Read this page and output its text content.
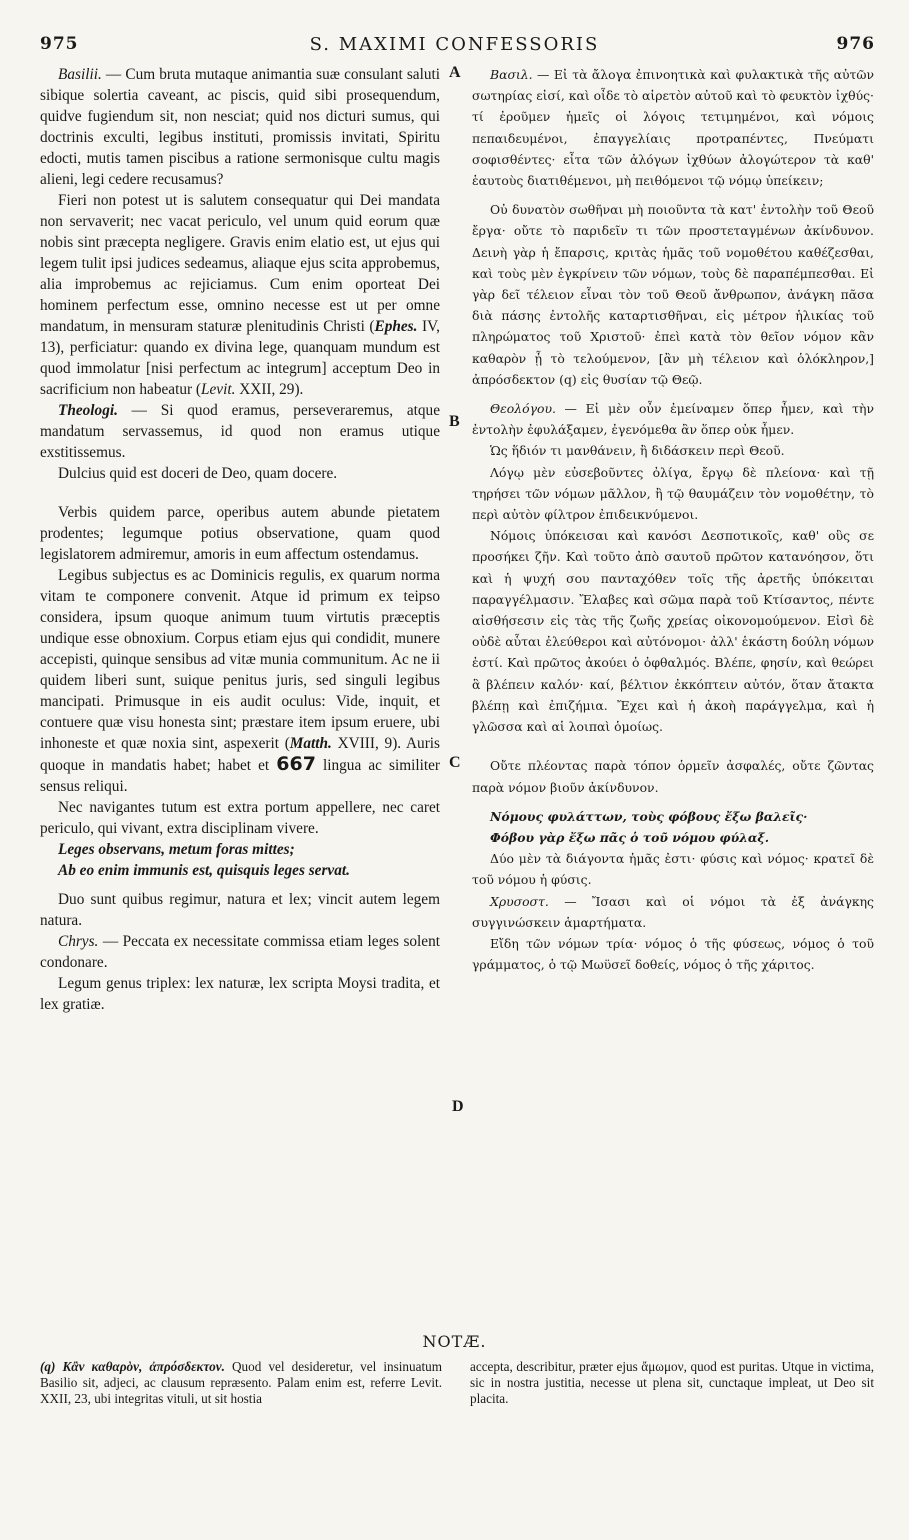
975	S. MAXIMI CONFESSORIS	976
A
B
C
D

Basilii. — Cum bruta mutaque animantia suæ consulant saluti sibique solertia caveant, ac piscis, quid sibi prosequendum, quidve fugiendum sit, non nesciat; quid nos dicturi sumus, qui doctrinis exculti, legibus instituti, promissis invitati, Spiritu edocti, mutis tamen piscibus a ratione sermonisque cultu magis alieni, legi cedere recusamus?

Fieri non potest ut is salutem consequatur qui Dei mandata non servaverit; nec vacat periculo, vel unum quid eorum quæ nobis sint præcepta negligere. Gravis enim elatio est, ut ejus qui legem tulit ipsi judices sedeamus, aliaque ejus scita approbemus, alia improbemus ac rejiciamus. Cum enim oporteat Dei hominem perfectum esse, omnino necesse est ut per omne mandatum, in mensuram staturæ plenitudinis Christi (Ephes. IV, 13), perficiatur: quando ex divina lege, quanquam mundum est quod immolatur [nisi perfectum ac integrum] acceptum Deo in sacrificium non habeatur (Levit. XXII, 29).

Theologi. — Si quod eramus, perseveraremus, atque mandatum servassemus, id quod non eramus utique exstitissemus.

Dulcius quid est doceri de Deo, quam docere.

Verbis quidem parce, operibus autem abunde pietatem prodentes; legumque potius observatione, quam quod legislatorem admiremur, amoris in eum affectum ostendamus.

Legibus subjectus es ac Dominicis regulis, ex quarum norma vitam te componere convenit. Atque id primum ex teipso considera, ipsum quoque animum tuum virtutis præceptis undique esse obnoxium. Corpus etiam ejus qui condidit, munere accepisti, quinque sensibus ad vitæ munia communitum. Ac ne ii quidem liberi sunt, suique penitus juris, sed singuli legibus mancipati. Primusque in eis audit oculus: Vide, inquit, et contuere quæ visu honesta sint; præstare item ipsum eruere, ubi inhoneste et quæ noxia sint, aspexerit (Matth. XVIII, 9). Auris quoque in mandatis habet; habet et 667 lingua ac similiter sensus reliqui.

Nec navigantes tutum est extra portum appellere, nec caret periculo, qui vivant, extra disciplinam vivere.

Leges observans, metum foras mittes;

Ab eo enim immunis est, quisquis leges servat.

Duo sunt quibus regimur, natura et lex; vincit autem legem natura.

Chrys. — Peccata ex necessitate commissa etiam leges solent condonare.

Legum genus triplex: lex naturæ, lex scripta Moysi tradita, et lex gratiæ.

Βασιλ. — Εἰ τὰ ἄλογα ἐπινοητικὰ καὶ φυλακτικὰ τῆς αὐτῶν σωτηρίας εἰσί, καὶ οἶδε τὸ αἱρετὸν αὐτοῦ καὶ τὸ φευκτὸν ἰχθύς· τί ἐροῦμεν ἡμεῖς οἱ λόγοις τετιμημένοι, καὶ νόμοις πεπαιδευμένοι, ἐπαγγελίαις προτραπέντες, Πνεύματι σοφισθέντες· εἶτα τῶν ἀλόγων ἰχθύων ἀλογώτερον τὰ καθ' ἑαυτοὺς διατιθέμενοι, μὴ πειθόμενοι τῷ νόμῳ ὑπείκειν;

Οὐ δυνατὸν σωθῆναι μὴ ποιοῦντα τὰ κατ' ἐντολὴν τοῦ Θεοῦ ἔργα· οὔτε τὸ παριδεῖν τι τῶν προστεταγμένων ἀκίνδυνον. Δεινὴ γὰρ ἡ ἔπαρσις, κριτὰς ἡμᾶς τοῦ νομοθέτου καθέζεσθαι, καὶ τοὺς μὲν ἐγκρίνειν τῶν νόμων, τοὺς δὲ παραπέμπεσθαι. Εἰ γὰρ δεῖ τέλειον εἶναι τὸν τοῦ Θεοῦ ἄνθρωπον, ἀνάγκη πᾶσα διὰ πάσης ἐντολῆς καταρτισθῆναι, εἰς μέτρον ἡλικίας τοῦ πληρώματος τοῦ Χριστοῦ· ἐπεὶ κατὰ τὸν θεῖον νόμον κἂν καθαρὸν ᾖ τὸ τελούμενον, [ἂν μὴ τέλειον καὶ ὁλόκληρον,] ἀπρόσδεκτον (q) εἰς θυσίαν τῷ Θεῷ.

Θεολόγου. — Εἰ μὲν οὖν ἐμείναμεν ὅπερ ἦμεν, καὶ τὴν ἐντολὴν ἐφυλάξαμεν, ἐγενόμεθα ἂν ὅπερ οὐκ ἦμεν.

Ὡς ἥδιόν τι μανθάνειν, ἢ διδάσκειν περὶ Θεοῦ.

Λόγῳ μὲν εὐσεβοῦντες ὀλίγα, ἔργῳ δὲ πλείονα· καὶ τῇ τηρήσει τῶν νόμων μᾶλλον, ἢ τῷ θαυμάζειν τὸν νομοθέτην, τὸ περὶ αὐτὸν φίλτρον ἐπιδεικνύμενοι.

Νόμοις ὑπόκεισαι καὶ κανόσι Δεσποτικοῖς, καθ' οὓς σε προσήκει ζῆν. Καὶ τοῦτο ἀπὸ σαυτοῦ πρῶτον κατανόησον, ὅτι καὶ ἡ ψυχή σου πανταχόθεν τοῖς τῆς ἀρετῆς ὑπόκειται παραγγέλμασιν. Ἔλαβες καὶ σῶμα παρὰ τοῦ Κτίσαντος, πέντε αἰσθήσεσιν εἰς τὰς τῆς ζωῆς χρείας οἰκονομούμενον. Εἰσὶ δὲ οὐδὲ αὗται ἐλεύθεροι καὶ αὐτόνομοι· ἀλλ' ἑκάστη δούλη νόμων ἐστί. Καὶ πρῶτος ἀκούει ὁ ὀφθαλμός. Βλέπε, φησίν, καὶ θεώρει ἃ βλέπειν καλόν· καί, βέλτιον ἐκκόπτειν αὐτόν, ὅταν ἄτακτα βλέπῃ καὶ ἐπιζήμια. Ἔχει καὶ ἡ ἀκοὴ παράγγελμα, καὶ ἡ γλῶσσα καὶ αἱ λοιπαὶ ὁμοίως.

Οὔτε πλέοντας παρὰ τόπον ὁρμεῖν ἀσφαλές, οὔτε ζῶντας παρὰ νόμον βιοῦν ἀκίνδυνον.

Νόμους φυλάττων, τοὺς φόβους ἔξω βαλεῖς·

Φόβου γὰρ ἔξω πᾶς ὁ τοῦ νόμου φύλαξ.

Δύο μὲν τὰ διάγοντα ἡμᾶς ἐστι· φύσις καὶ νόμος· κρατεῖ δὲ τοῦ νόμου ἡ φύσις.

Χρυσοστ. — Ἴσασι καὶ οἱ νόμοι τὰ ἐξ ἀνάγκης συγγινώσκειν ἁμαρτήματα.

Εἴδη τῶν νόμων τρία· νόμος ὁ τῆς φύσεως, νόμος ὁ τοῦ γράμματος, ὁ τῷ Μωϋσεῖ δοθείς, νόμος ὁ τῆς χάριτος.

NOTÆ.
(q) Κἂν καθαρὸν, ἀπρόσδεκτον. Quod vel desideretur, vel insinuatum Basilio sit, adjeci, ac clausum repræsento. Palam enim est, referre Levit. XXII, 23, ubi integritas vituli, ut sit hostia
accepta, describitur, præter ejus ἄμωμον, quod est puritas. Utque in victima, sic in nostra justitia, necesse ut plena sit, cunctaque impleat, ut Deo sit placita.
